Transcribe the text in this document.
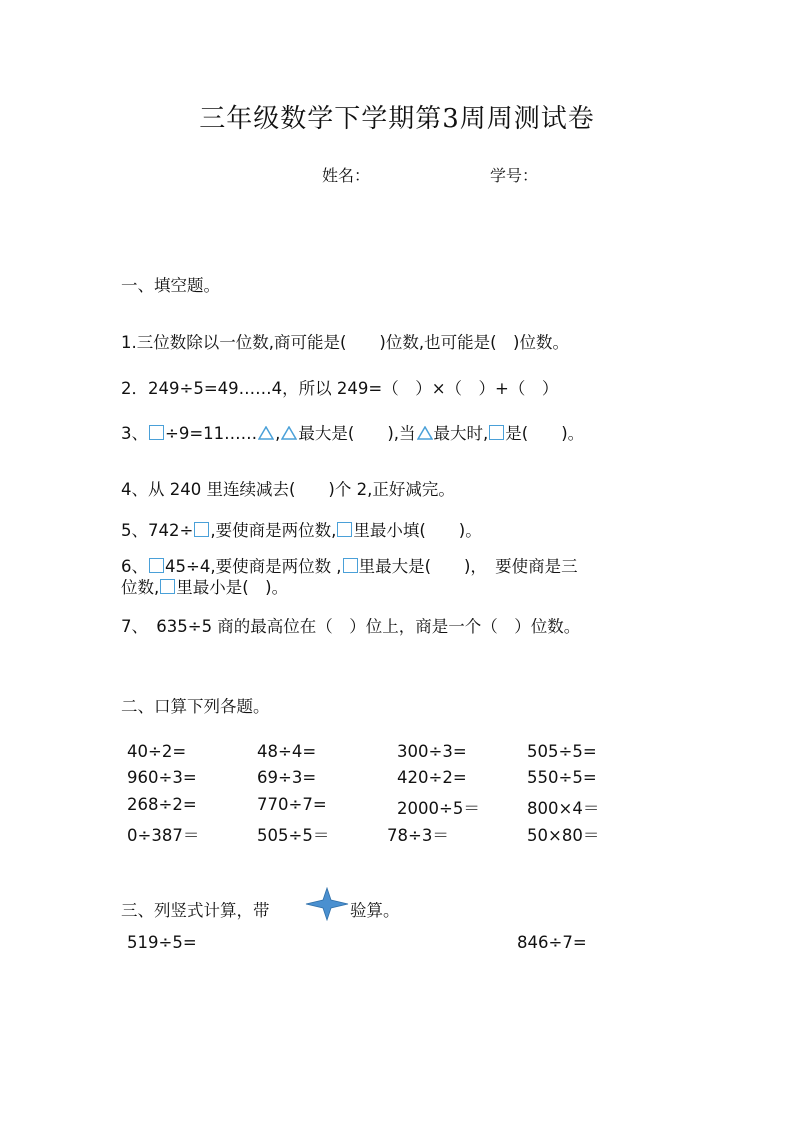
三年级数学下学期第3周周测试卷
姓名：	学号：
一、填空题。
1.三位数除以一位数,商可能是(　　)位数,也可能是(　)位数。
2．249÷5=49……4，所以 249=（　）×（　）+（　）
3、 ÷9=11…… , 最大是(　　),当 最大时, 是(　　)。
4、从 240 里连续减去(　　)个 2,正好减完。
5、742÷ ,要使商是两位数, 里最小填(　　)。
6、 45÷4,要使商是两位数 , 里最大是(　　)，　要使商是三
位数, 里最小是(　)。
7、　635÷5 商的最高位在（　）位上，商是一个（　）位数。
二、口算下列各题。
40÷2=	48÷4=	300÷3=	505÷5=
960÷3=	69÷3=	420÷2=	550÷5=
268÷2=	770÷7=	2000÷5＝	800×4＝
0÷387＝	505÷5＝	78÷3＝	50×80＝
三、列竖式计算，带	验算。
519÷5=	846÷7=
